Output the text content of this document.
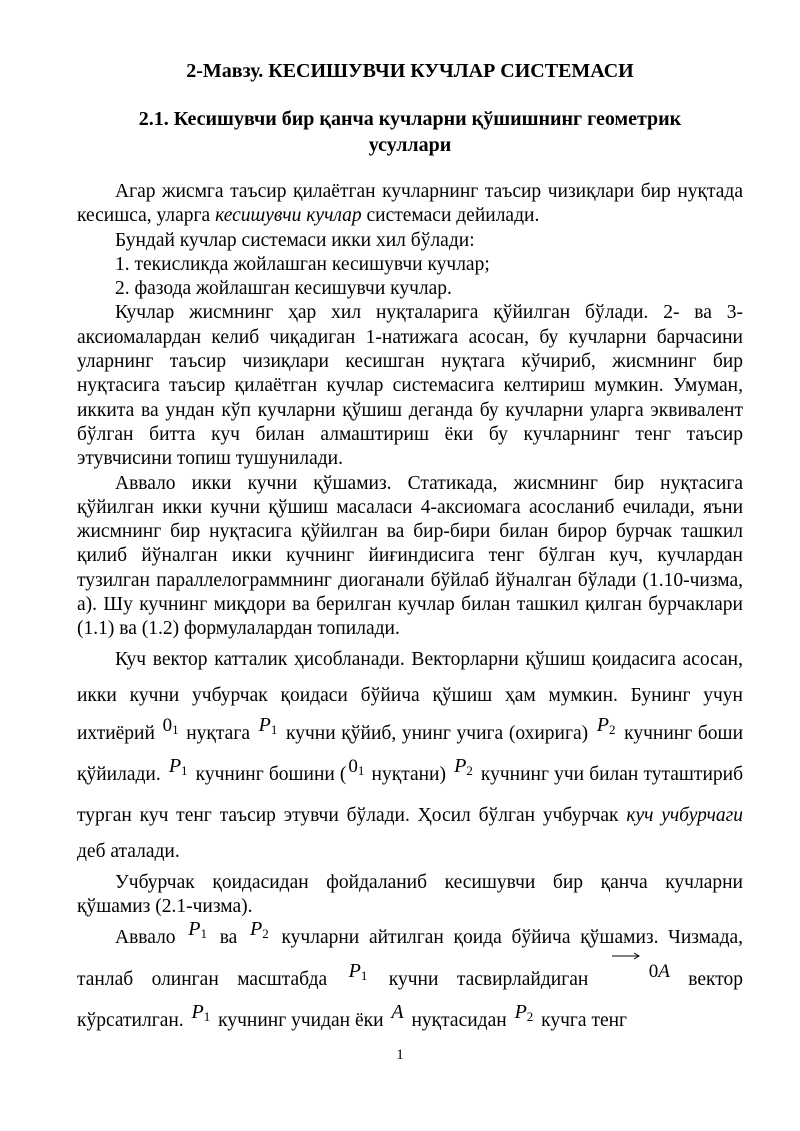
2-Мавзу. КЕСИШУВЧИ КУЧЛАР СИСТЕМАСИ
2.1. Кесишувчи бир қанча кучларни қўшишнинг геометрик усуллари

Агар жисмга таъсир қилаётган кучларнинг таъсир чизиқлари бир нуқтада кесишса, уларга кесишувчи кучлар системаси дейилади.

Бундай кучлар системаси икки хил бўлади:

1. текисликда жойлашган кесишувчи кучлар;

2. фазода жойлашган кесишувчи кучлар.

Кучлар жисмнинг ҳар хил нуқталарига қўйилган бўлади. 2- ва 3-аксиомалардан келиб чиқадиган 1-натижага асосан, бу кучларни барчасини уларнинг таъсир чизиқлари кесишган нуқтага кўчириб, жисмнинг бир нуқтасига таъсир қилаётган кучлар системасига келтириш мумкин. Умуман, иккита ва ундан кўп кучларни қўшиш деганда бу кучларни уларга эквивалент бўлган битта куч билан алмаштириш ёки бу кучларнинг тенг таъсир этувчисини топиш тушунилади.

Аввало икки кучни қўшамиз. Статикада, жисмнинг бир нуқтасига қўйилган икки кучни қўшиш масаласи 4-аксиомага асосланиб ечилади, яъни жисмнинг бир нуқтасига қўйилган ва бир-бири билан бирор бурчак ташкил қилиб йўналган икки кучнинг йиғиндисига тенг бўлган куч, кучлардан тузилган параллелограммнинг диоганали бўйлаб йўналган бўлади (1.10-чизма, а). Шу кучнинг миқдори ва берилган кучлар билан ташкил қилган бурчаклари (1.1) ва (1.2) формулалардан топилади.

Куч вектор катталик ҳисобланади. Векторларни қўшиш қоидасига асосан, икки кучни учбурчак қоидаси бўйича қўшиш ҳам мумкин. Бунинг учун ихтиёрий $0_1$ нуқтага $P_1$ кучни қўйиб, унинг учига (охирига) $P_2$ кучнинг боши қўйилади. $P_1$ кучнинг бошини ( $0_1$ нуқтани) $P_2$ кучнинг учи билан туташтириб турган куч тенг таъсир этувчи бўлади. Ҳосил бўлган учбурчак куч учбурчаги деб аталади.

Учбурчак қоидасидан фойдаланиб кесишувчи бир қанча кучларни қўшамиз (2.1-чизма).

Аввало $P_1$ ва $P_2$ кучларни айтилган қоида бўйича қўшамиз. Чизмада, танлаб олинган масштабда $P_1$ кучни тасвирлайдиган	0A вектор кўрсатилган. $P_1$ кучнинг учидан ёки A нуқтасидан $P_2$ кучга тенг

1
